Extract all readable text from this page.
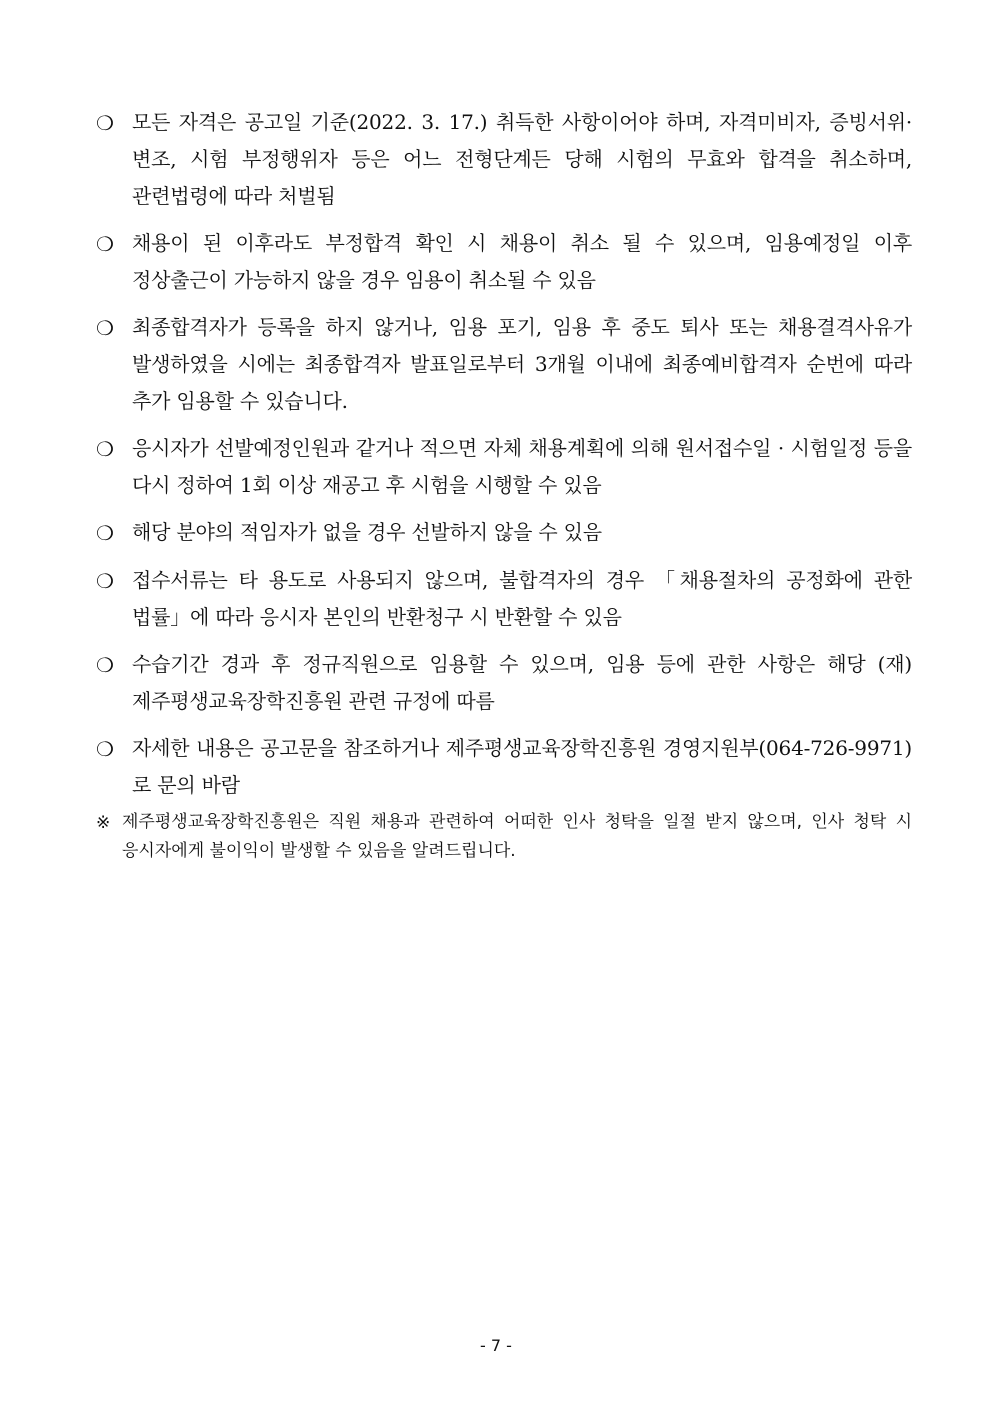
❍ 모든 자격은 공고일 기준(2022. 3. 17.) 취득한 사항이어야 하며, 자격미비자, 증빙서위·변조, 시험 부정행위자 등은 어느 전형단계든 당해 시험의 무효와 합격을 취소하며, 관련법령에 따라 처벌됨
❍ 채용이 된 이후라도 부정합격 확인 시 채용이 취소 될 수 있으며, 임용예정일 이후 정상출근이 가능하지 않을 경우 임용이 취소될 수 있음
❍ 최종합격자가 등록을 하지 않거나, 임용 포기, 임용 후 중도 퇴사 또는 채용결격사유가 발생하였을 시에는 최종합격자 발표일로부터 3개월 이내에 최종예비합격자 순번에 따라 추가 임용할 수 있습니다.
❍ 응시자가 선발예정인원과 같거나 적으면 자체 채용계획에 의해 원서접수일 · 시험일정 등을 다시 정하여 1회 이상 재공고 후 시험을 시행할 수 있음
❍ 해당 분야의 적임자가 없을 경우 선발하지 않을 수 있음
❍ 접수서류는 타 용도로 사용되지 않으며, 불합격자의 경우 「채용절차의 공정화에 관한 법률」에 따라 응시자 본인의 반환청구 시 반환할 수 있음
❍ 수습기간 경과 후 정규직원으로 임용할 수 있으며, 임용 등에 관한 사항은 해당 (재)제주평생교육장학진흥원 관련 규정에 따름
❍ 자세한 내용은 공고문을 참조하거나 제주평생교육장학진흥원 경영지원부(064-726-9971)로 문의 바람
※ 제주평생교육장학진흥원은 직원 채용과 관련하여 어떠한 인사 청탁을 일절 받지 않으며, 인사 청탁 시 응시자에게 불이익이 발생할 수 있음을 알려드립니다.
- 7 -
